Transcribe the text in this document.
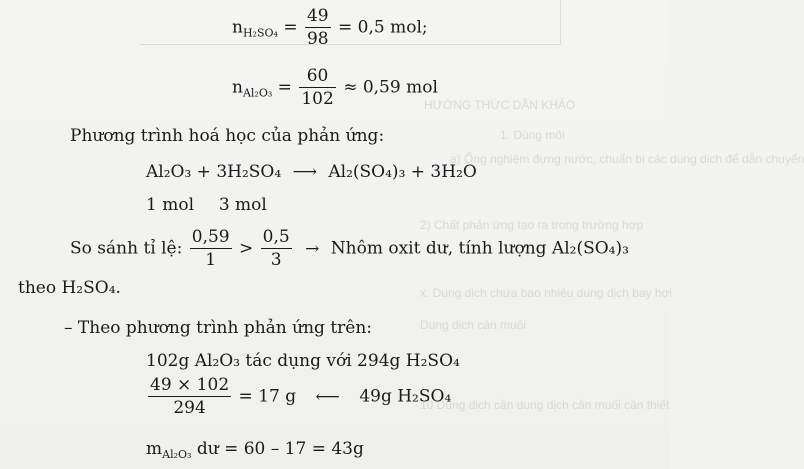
HƯỚNG THỨC DẦN KHẢO
1. Dùng môi
a) Ống nghiệm đựng nước, chuẩn bị các dung dịch để dẫn chuyển
2) Chất phản ứng tạo ra trong trường hợp
x. Dung dịch chứa bao nhiêu dung dịch bay hơi
Dung dịch cần muối
10 Dung dịch cần dung dịch cần muối cần thiết
$n_{H_2SO_4} = \frac{49}{98} = 0,5$ mol;
$n_{Al_2O_3} = \frac{60}{102} \approx 0,59$ mol
Phương trình hoá học của phản ứng:
Al₂O₃ + 3H₂SO₄ ⟶ Al₂(SO₄)₃ + 3H₂O
1 mol 3 mol
So sánh tỉ lệ: $\frac{0,59}{1} > \frac{0,5}{3}$ → Nhôm oxit dư, tính lượng Al₂(SO₄)₃
theo H₂SO₄.
– Theo phương trình phản ứng trên:
102g Al₂O₃ tác dụng với 294g H₂SO₄
$\frac{49 \times 102}{294} = 17$ g ⟵ 49g H₂SO₄
$m_{Al_2O_3}$ dư = 60 – 17 = 43g
